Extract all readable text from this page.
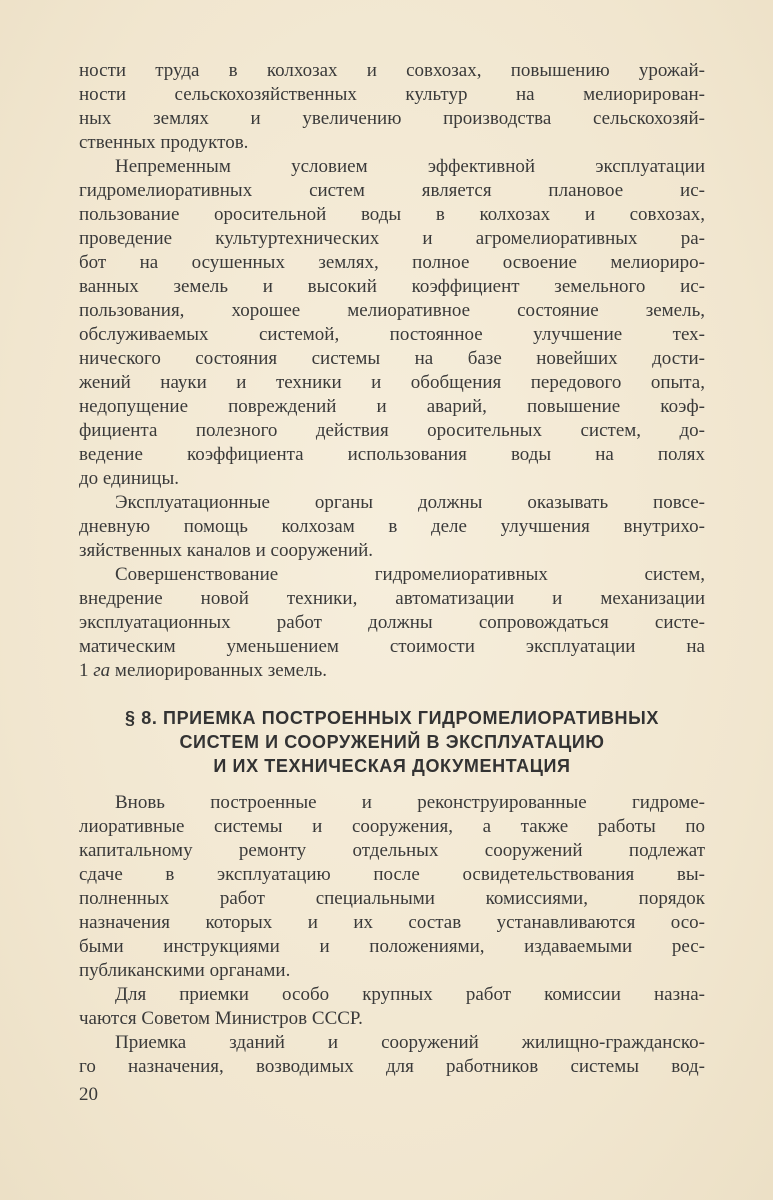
ности труда в колхозах и совхозах, повышению урожай-
ности сельскохозяйственных культур на мелиорирован-
ных землях и увеличению производства сельскохозяй-
ственных продуктов.
Непременным условием эффективной эксплуатации
гидромелиоративных систем является плановое ис-
пользование оросительной воды в колхозах и совхозах,
проведение культуртехнических и агромелиоративных ра-
бот на осушенных землях, полное освоение мелиориро-
ванных земель и высокий коэффициент земельного ис-
пользования, хорошее мелиоративное состояние земель,
обслуживаемых системой, постоянное улучшение тех-
нического состояния системы на базе новейших дости-
жений науки и техники и обобщения передового опыта,
недопущение повреждений и аварий, повышение коэф-
фициента полезного действия оросительных систем, до-
ведение коэффициента использования воды на полях
до единицы.
Эксплуатационные органы должны оказывать повсе-
дневную помощь колхозам в деле улучшения внутрихо-
зяйственных каналов и сооружений.
Совершенствование гидромелиоративных систем,
внедрение новой техники, автоматизации и механизации
эксплуатационных работ должны сопровождаться систе-
матическим уменьшением стоимости эксплуатации на
1 га мелиорированных земель.
§ 8. ПРИЕМКА ПОСТРОЕННЫХ ГИДРОМЕЛИОРАТИВНЫХ
СИСТЕМ И СООРУЖЕНИЙ В ЭКСПЛУАТАЦИЮ
И ИХ ТЕХНИЧЕСКАЯ ДОКУМЕНТАЦИЯ
Вновь построенные и реконструированные гидроме-
лиоративные системы и сооружения, а также работы по
капитальному ремонту отдельных сооружений подлежат
сдаче в эксплуатацию после освидетельствования вы-
полненных работ специальными комиссиями, порядок
назначения которых и их состав устанавливаются осо-
быми инструкциями и положениями, издаваемыми рес-
публиканскими органами.
Для приемки особо крупных работ комиссии назна-
чаются Советом Министров СССР.
Приемка зданий и сооружений жилищно-гражданско-
го назначения, возводимых для работников системы вод-
20
